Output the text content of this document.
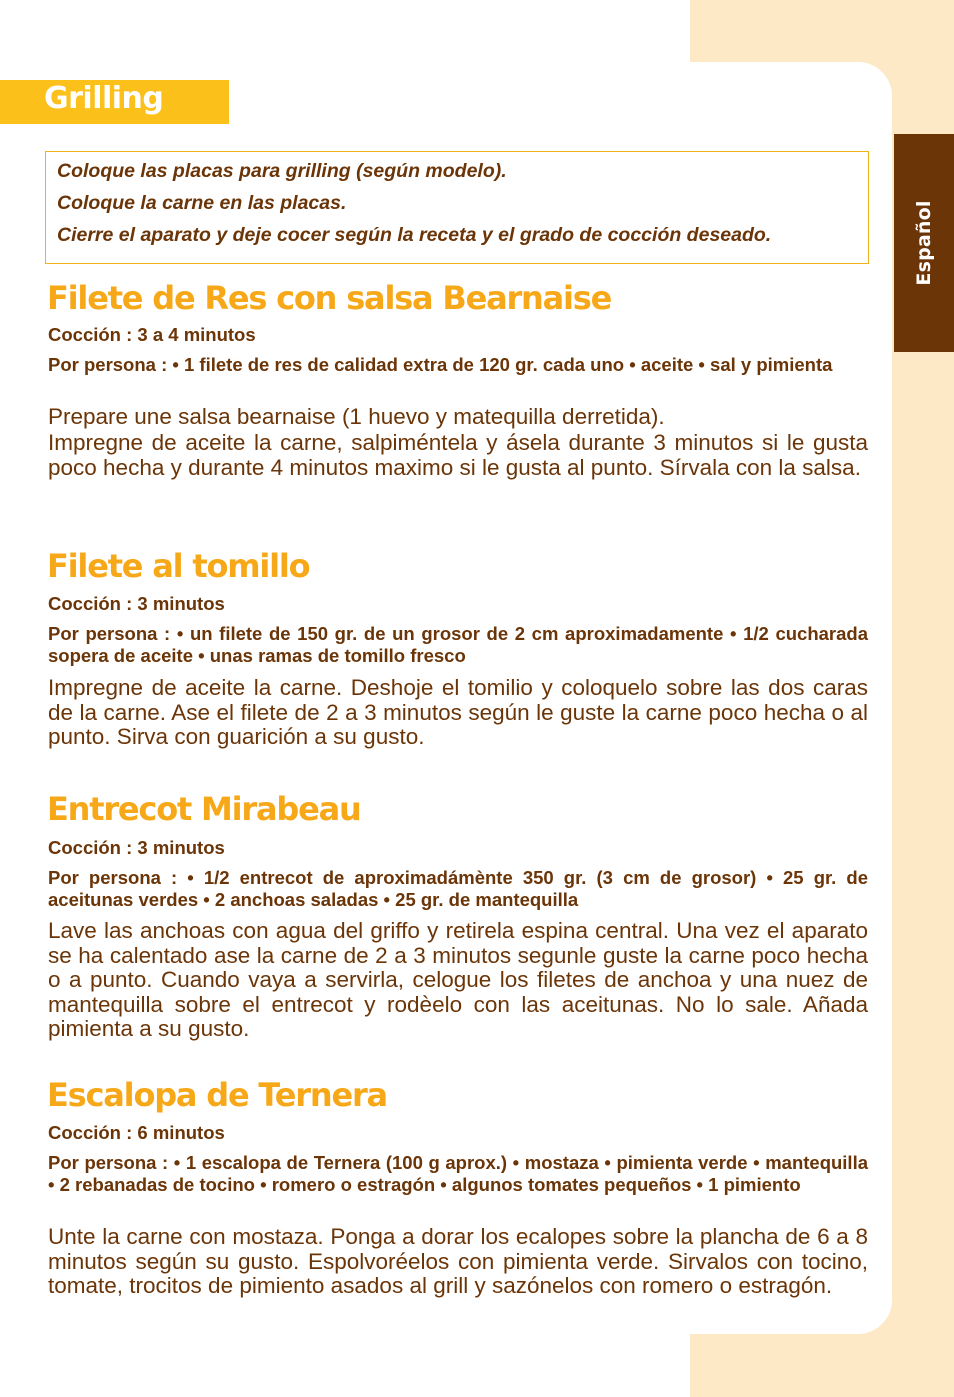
Español
Grilling
Coloque las placas para grilling (según modelo).
Coloque la carne en las placas.
Cierre el aparato y deje cocer según la receta y el grado de cocción deseado.
Filete de Res con salsa Bearnaise
Cocción : 3 a 4 minutos
Por persona : • 1 filete de res de calidad extra de 120 gr. cada uno • aceite • sal y pimienta

Prepare une salsa bearnaise (1 huevo y matequilla derretida).

Impregne de aceite la carne, salpiméntela y ásela durante 3 minutos si le gusta poco hecha y durante 4 minutos maximo si le gusta al punto. Sírvala con la salsa.

Filete al tomillo
Cocción : 3 minutos
Por persona : • un filete de 150 gr. de un grosor de 2 cm aproximadamente • 1/2 cucharada sopera de aceite • unas ramas de tomillo fresco

Impregne de aceite la carne. Deshoje el tomilio y coloquelo sobre las dos caras de la carne. Ase el filete de 2 a 3 minutos según le guste la carne poco hecha o al punto. Sirva con guarición a su gusto.

Entrecot Mirabeau
Cocción : 3 minutos
Por persona : • 1/2 entrecot de aproximadámènte 350 gr. (3 cm de grosor) • 25 gr. de aceitunas verdes • 2 anchoas saladas • 25 gr. de mantequilla

Lave las anchoas con agua del griffo y retirela espina central. Una vez el aparato se ha calentado ase la carne de 2 a 3 minutos segunle guste la carne poco hecha o a punto. Cuando vaya a servirla, celogue los filetes de anchoa y una nuez de mantequilla sobre el entrecot y rodèelo con las aceitunas. No lo sale. Añada pimienta a su gusto.

Escalopa de Ternera
Cocción : 6 minutos
Por persona : • 1 escalopa de Ternera (100 g aprox.) • mostaza • pimienta verde • mantequilla • 2 rebanadas de tocino • romero o estragón • algunos tomates pequeños • 1 pimiento

Unte la carne con mostaza. Ponga a dorar los ecalopes sobre la plancha de 6 a 8 minutos según su gusto. Espolvoréelos con pimienta verde. Sirvalos con tocino, tomate, trocitos de pimiento asados al grill y sazónelos con romero o estragón.
